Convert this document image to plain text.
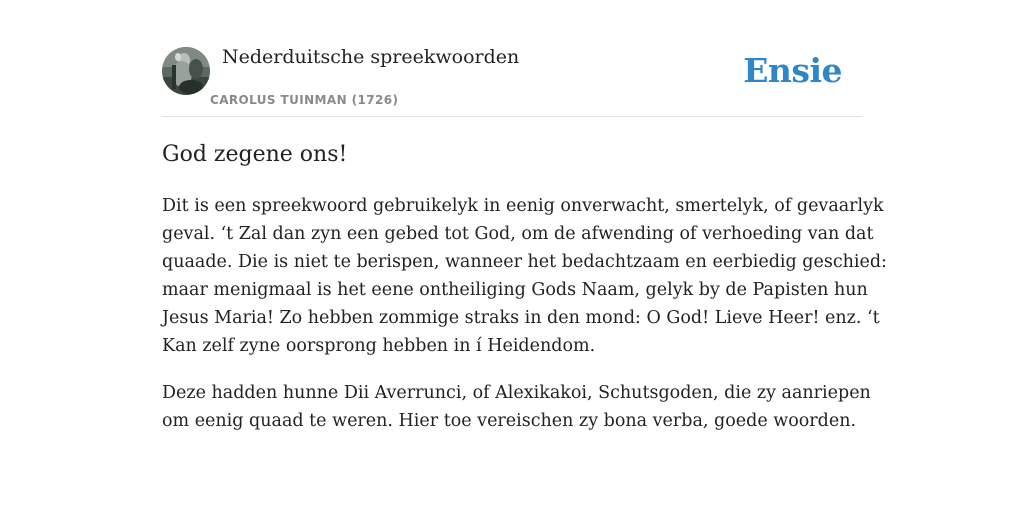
Nederduitsche spreekwoorden
CAROLUS TUINMAN (1726)
Ensie
God zegene ons!

Dit is een spreekwoord gebruikelyk in eenig onverwacht, smertelyk, of gevaarlyk
geval. ‘t Zal dan zyn een gebed tot God, om de afwending of verhoeding van dat
quaade. Die is niet te berispen, wanneer het bedachtzaam en eerbiedig geschied:
maar menigmaal is het eene ontheiliging Gods Naam, gelyk by de Papisten hun
Jesus Maria! Zo hebben zommige straks in den mond: O God! Lieve Heer! enz. ‘t
Kan zelf zyne oorsprong hebben in í Heidendom.

Deze hadden hunne Dii Averrunci, of Alexikakoi, Schutsgoden, die zy aanriepen
om eenig quaad te weren. Hier toe vereischen zy bona verba, goede woorden.
